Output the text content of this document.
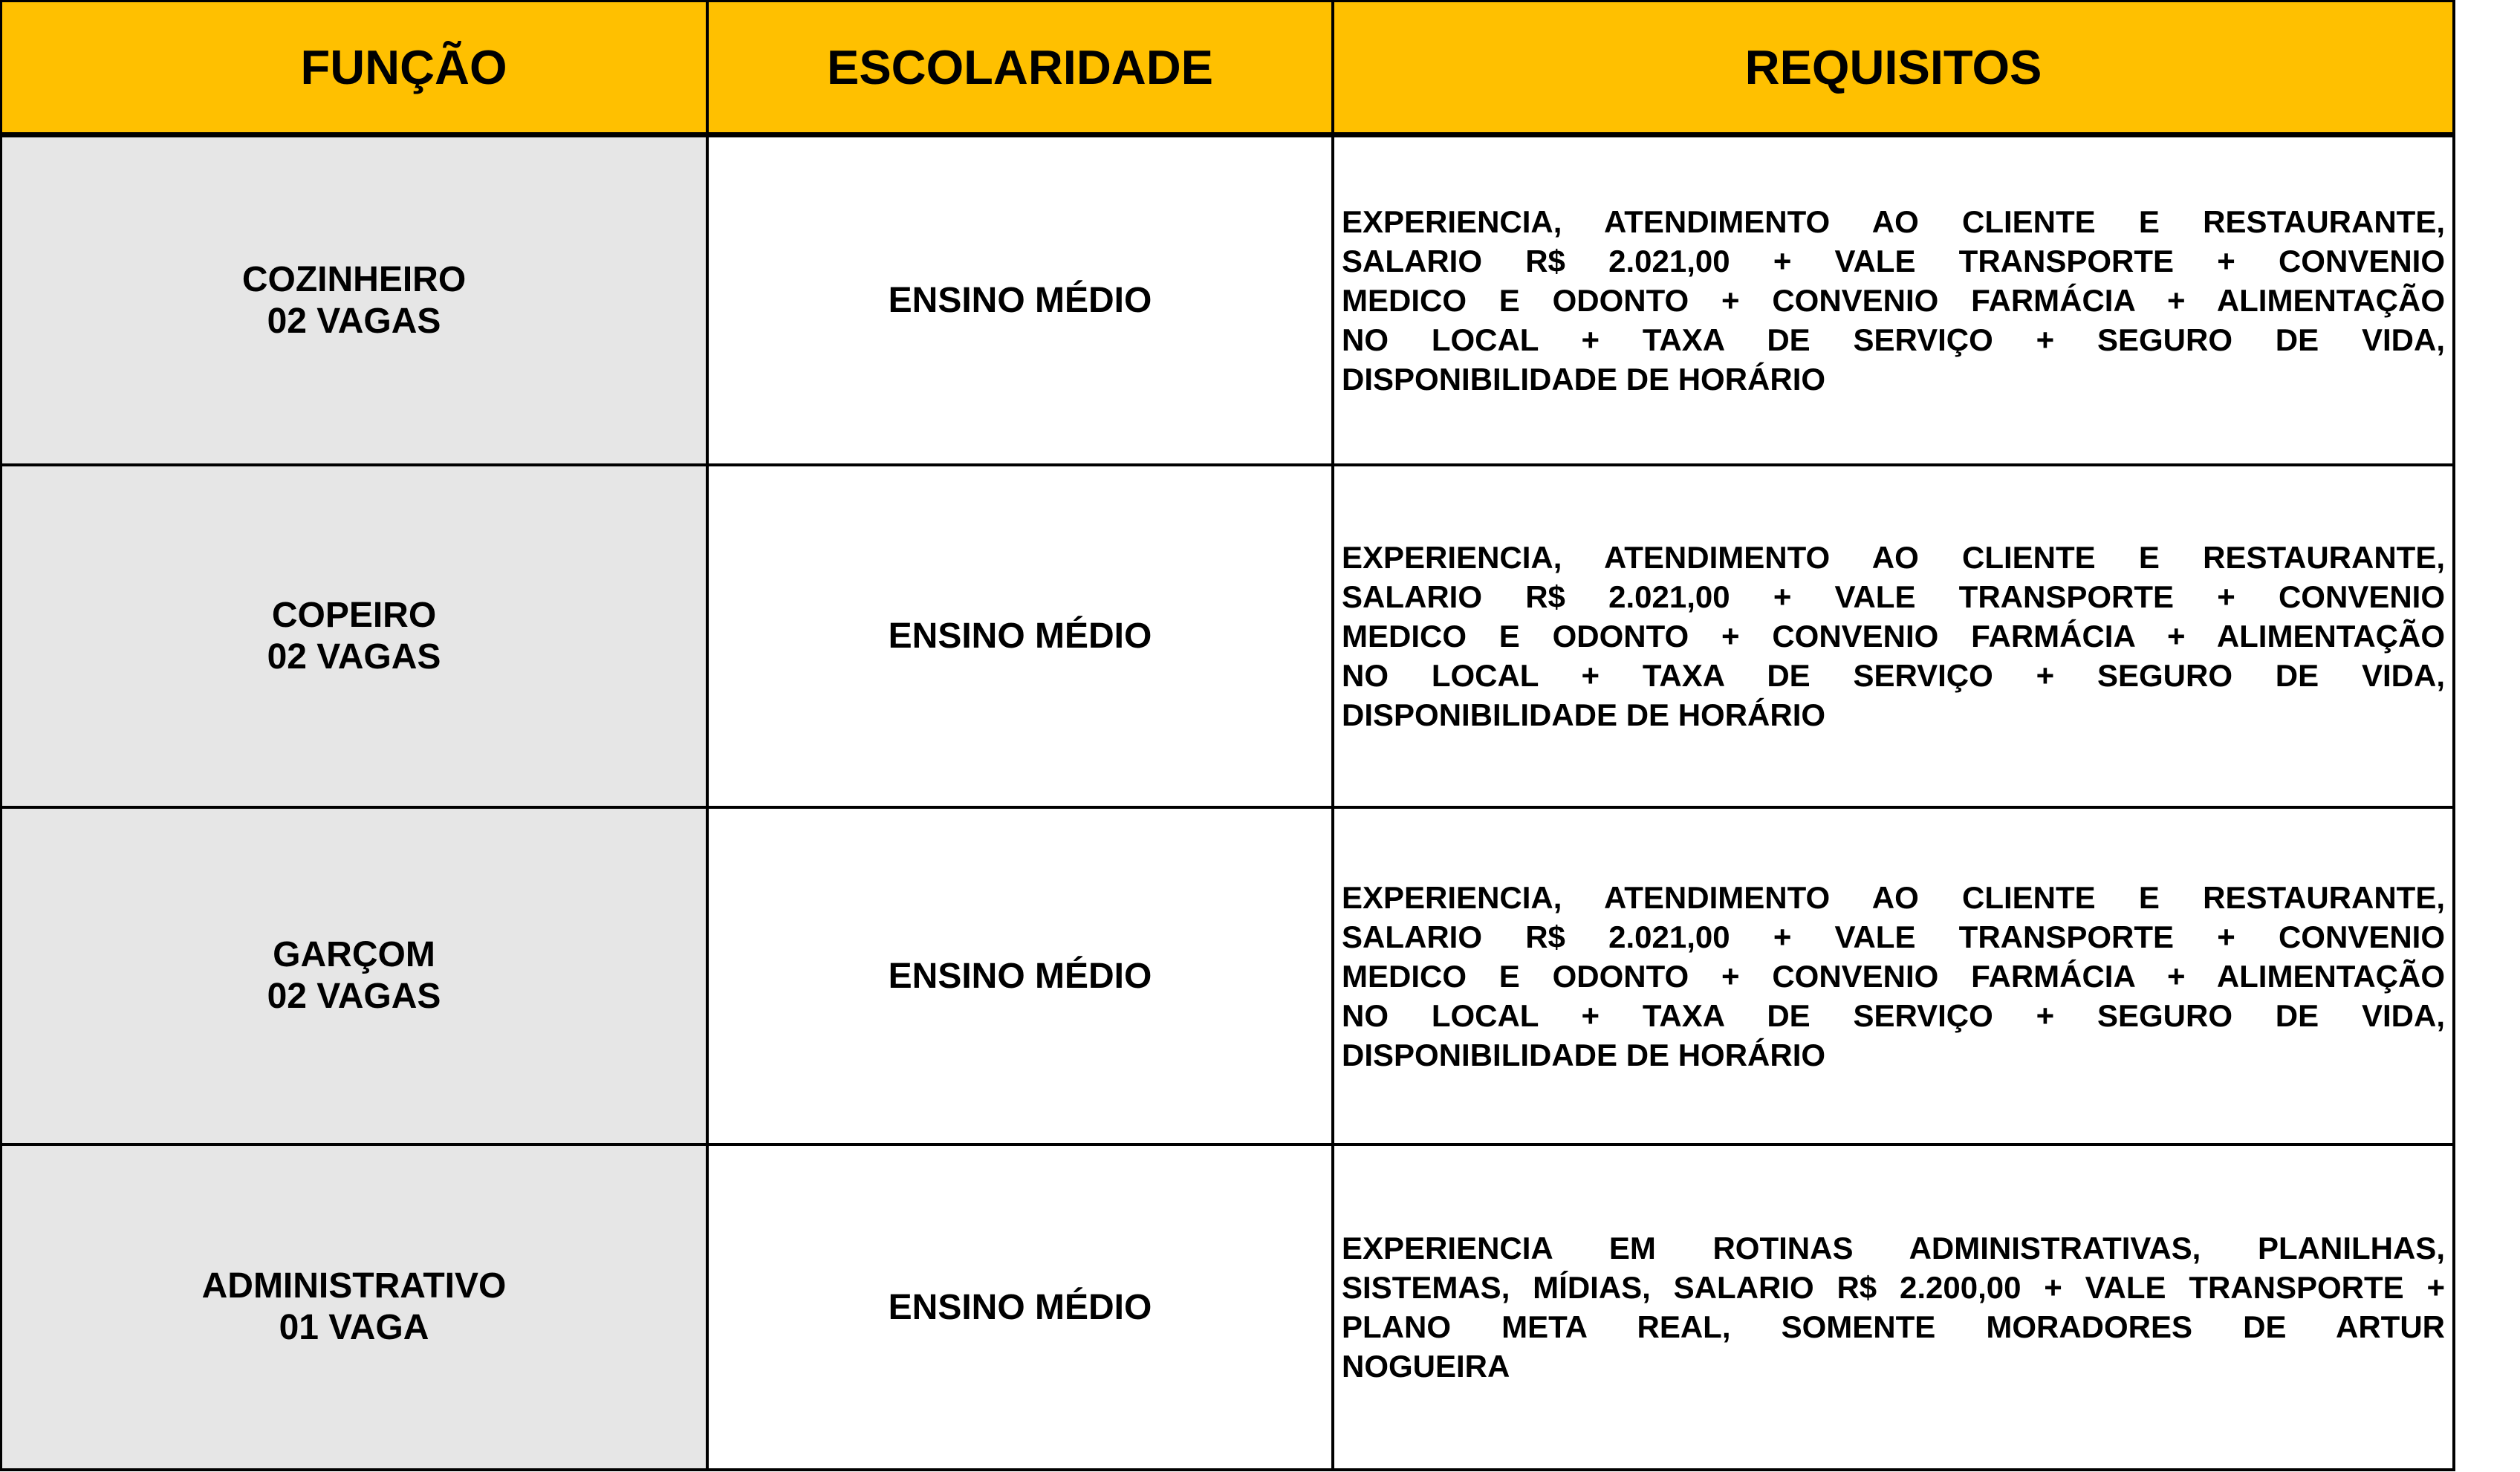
FUNÇÃO	ESCOLARIDADE	REQUISITOS
COZINHEIRO
02 VAGAS
ENSINO MÉDIO
EXPERIENCIA, ATENDIMENTO AO CLIENTE E RESTAURANTE,
SALARIO R$ 2.021,00 + VALE TRANSPORTE + CONVENIO
MEDICO E ODONTO + CONVENIO FARMÁCIA + ALIMENTAÇÃO
NO LOCAL + TAXA DE SERVIÇO + SEGURO DE VIDA,
DISPONIBILIDADE DE HORÁRIO
COPEIRO
02 VAGAS
ENSINO MÉDIO
EXPERIENCIA, ATENDIMENTO AO CLIENTE E RESTAURANTE,
SALARIO R$ 2.021,00 + VALE TRANSPORTE + CONVENIO
MEDICO E ODONTO + CONVENIO FARMÁCIA + ALIMENTAÇÃO
NO LOCAL + TAXA DE SERVIÇO + SEGURO DE VIDA,
DISPONIBILIDADE DE HORÁRIO
GARÇOM
02 VAGAS
ENSINO MÉDIO
EXPERIENCIA, ATENDIMENTO AO CLIENTE E RESTAURANTE,
SALARIO R$ 2.021,00 + VALE TRANSPORTE + CONVENIO
MEDICO E ODONTO + CONVENIO FARMÁCIA + ALIMENTAÇÃO
NO LOCAL + TAXA DE SERVIÇO + SEGURO DE VIDA,
DISPONIBILIDADE DE HORÁRIO
ADMINISTRATIVO
01 VAGA
ENSINO MÉDIO
EXPERIENCIA EM ROTINAS ADMINISTRATIVAS, PLANILHAS,
SISTEMAS, MÍDIAS, SALARIO R$ 2.200,00 + VALE TRANSPORTE +
PLANO META REAL, SOMENTE MORADORES DE ARTUR
NOGUEIRA
